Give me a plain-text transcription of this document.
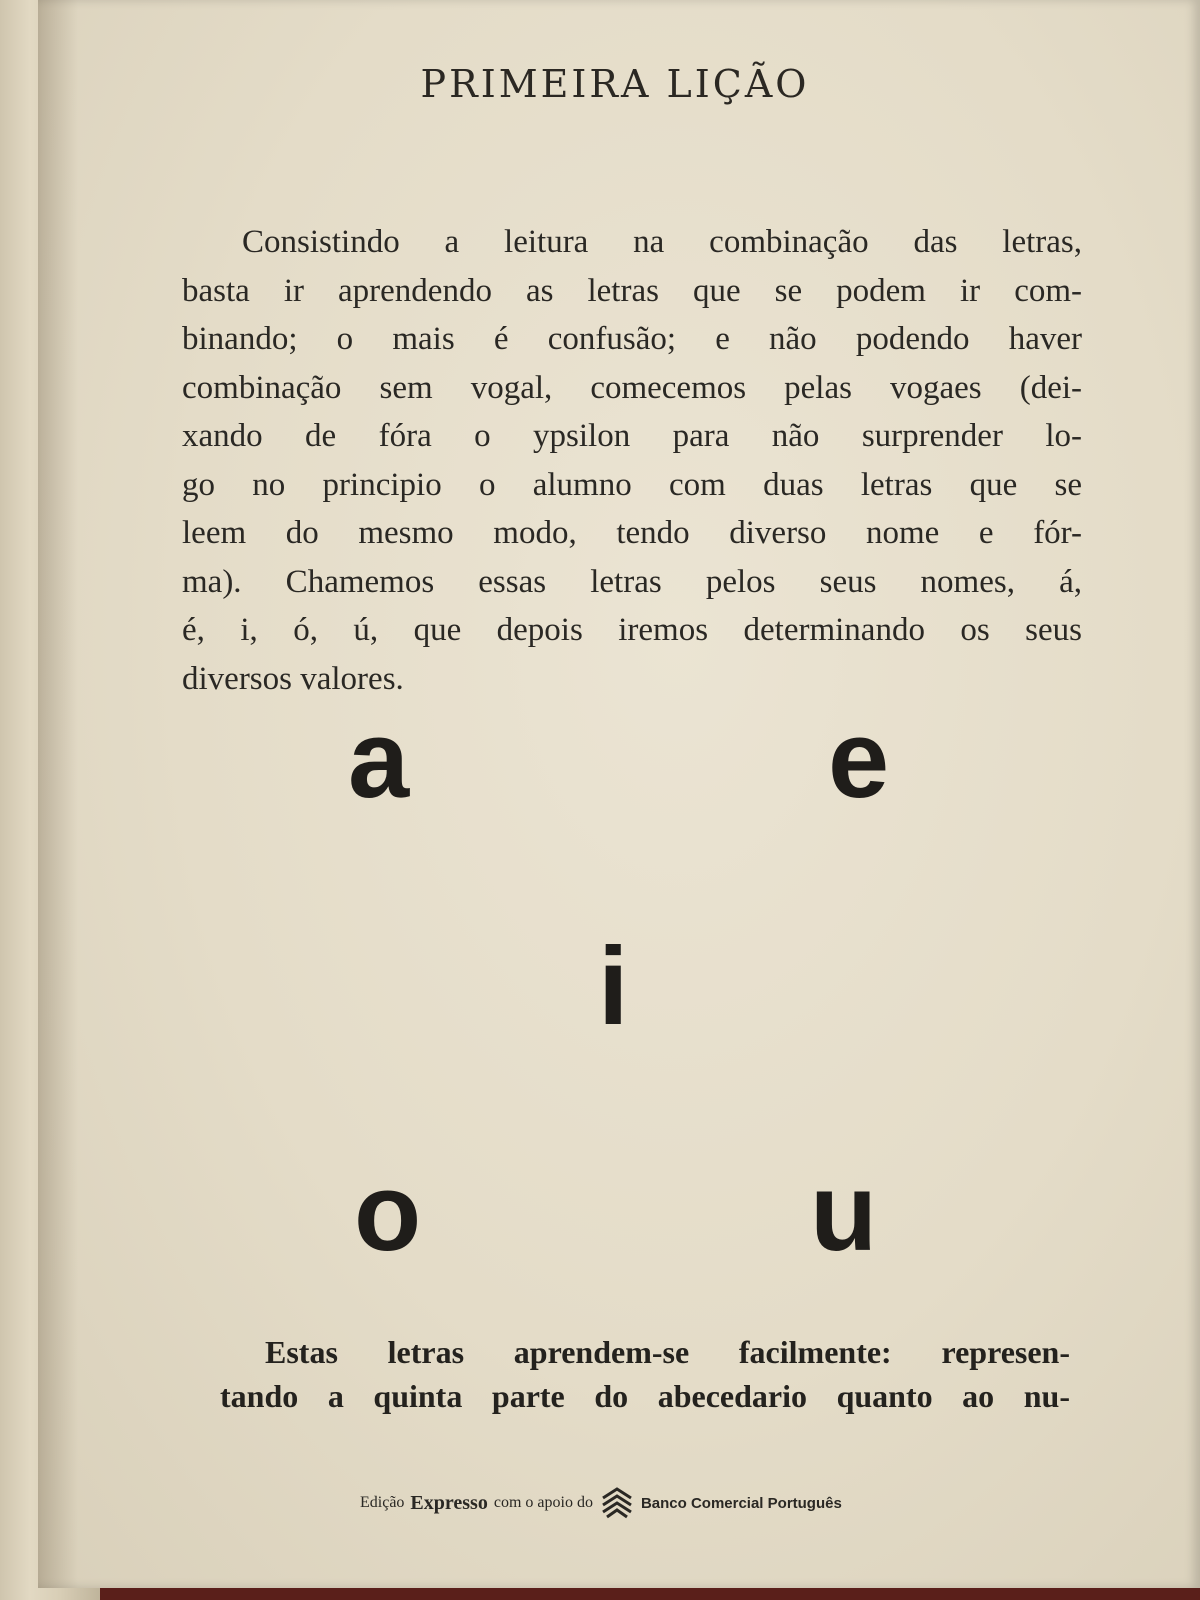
PRIMEIRA LIÇÃO

Consistindo a leitura na combinação das letras,
basta ir aprendendo as letras que se podem ir com-
binando; o mais é confusão; e não podendo haver
combinação sem vogal, comecemos pelas vogaes (dei-
xando de fóra o ypsilon para não surprender lo-
go no principio o alumno com duas letras que se
leem do mesmo modo, tendo diverso nome e fór-
ma). Chamemos essas letras pelos seus nomes, á,
é, i, ó, ú, que depois iremos determinando os seus
diversos valores.

a	e
i
o	u

Estas letras aprendem-se facilmente: represen-
tando a quinta parte do abecedario quanto ao nu-

Edição Expresso com o apoio do	Banco Comercial Português
